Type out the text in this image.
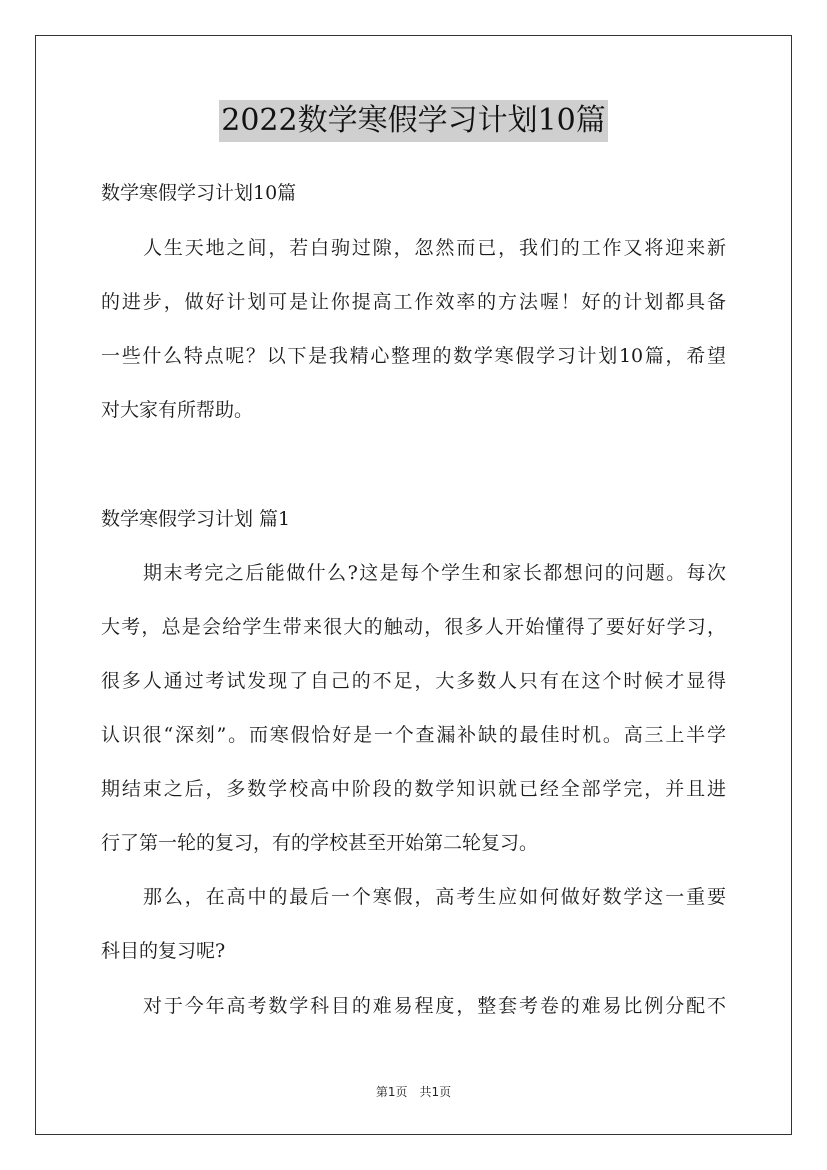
2022数学寒假学习计划10篇
数学寒假学习计划10篇
人生天地之间，若白驹过隙，忽然而已，我们的工作又将迎来新
的进步，做好计划可是让你提高工作效率的方法喔！好的计划都具备
一些什么特点呢？以下是我精心整理的数学寒假学习计划10篇，希望
对大家有所帮助。
数学寒假学习计划 篇1
期末考完之后能做什么?这是每个学生和家长都想问的问题。每次
大考，总是会给学生带来很大的触动，很多人开始懂得了要好好学习，
很多人通过考试发现了自己的不足，大多数人只有在这个时候才显得
认识很“深刻”。而寒假恰好是一个查漏补缺的最佳时机。高三上半学
期结束之后，多数学校高中阶段的数学知识就已经全部学完，并且进
行了第一轮的复习，有的学校甚至开始第二轮复习。
那么，在高中的最后一个寒假，高考生应如何做好数学这一重要
科目的复习呢?
对于今年高考数学科目的难易程度，整套考卷的难易比例分配不
第1页 共1页
